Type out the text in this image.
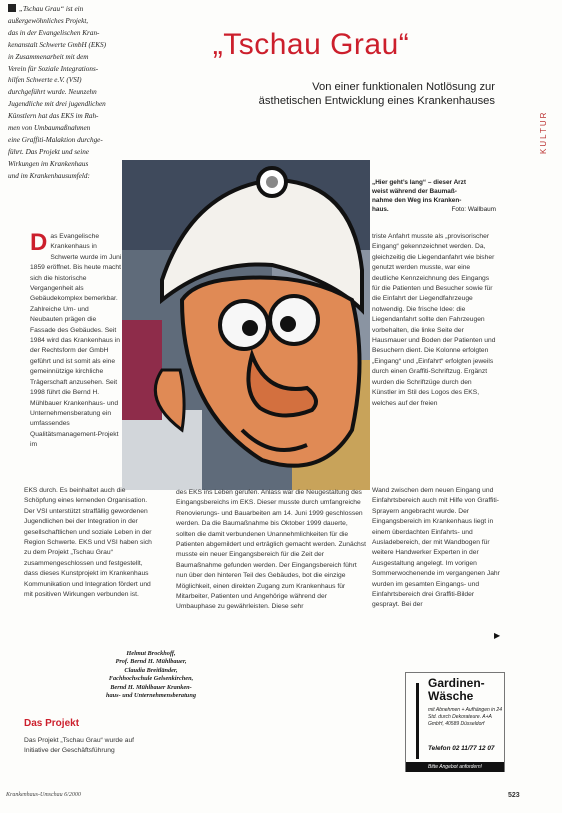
„Tschau Grau“ ist ein
außergewöhnliches Projekt,
das in der Evangelischen Kran-
kenanstalt Schwerte GmbH (EKS)
in Zusammenarbeit mit dem
Verein für Soziale Integrations-
hilfen Schwerte e.V. (VSI)
durchgeführt wurde. Neunzehn
Jugendliche mit drei jugendlichen
Künstlern hat das EKS im Rah-
men von Umbaumaßnahmen
eine Graffiti-Malaktion durchge-
führt. Das Projekt und seine
Wirkungen im Krankenhaus
und im Krankenhausumfeld:
„Tschau Grau“
Von einer funktionalen Notlösung zur
ästhetischen Entwicklung eines Krankenhauses
KULTUR
„Hier geht’s lang“ – dieser Arzt
weist während der Baumaß-
nahme den Weg ins Kranken-
haus.	Foto: Wallbaum
Das Evangelische Krankenhaus in Schwerte wurde im Juni 1859 eröffnet. Bis heute macht sich die historische Vergangenheit als Gebäudekomplex bemerkbar. Zahlreiche Um- und Neubauten prägen die Fassade des Gebäudes. Seit 1984 wird das Krankenhaus in der Rechtsform der GmbH geführt und ist somit als eine gemeinnützige kirchliche Trägerschaft anzusehen. Seit 1998 führt die Bernd H. Mühlbauer Krankenhaus- und Unternehmensberatung ein umfassendes Qualitätsmanagement-Projekt im
EKS durch. Es beinhaltet auch die Schöpfung eines lernenden Organisation. Der VSI unterstützt straffällig gewordenen Jugendlichen bei der Integration in der gesellschaftlichen und soziale Leben in der Region Schwerte. EKS und VSI haben sich zu dem Projekt „Tschau Grau“ zusammengeschlossen und festgestellt, dass dieses Kunstprojekt im Krankenhaus Kommunikation und Integration fördert und mit positiven Wirkungen verbunden ist.
Das Projekt
Das Projekt „Tschau Grau“ wurde auf Initiative der Geschäftsführung
des EKS ins Leben gerufen. Anlass war die Neugestaltung des Eingangsbereichs im EKS. Dieser musste durch umfangreiche Renovierungs- und Bauarbeiten am 14. Juni 1999 geschlossen werden. Da die Baumaßnahme bis Oktober 1999 dauerte, sollten die damit verbundenen Unannehmlichkeiten für die Patienten abgemildert und erträglich gemacht werden. Zunächst musste ein neuer Eingangsbereich für die Zeit der Baumaßnahme gefunden werden. Der Eingangsbereich führt nun über den hinteren Teil des Gebäudes, bot die einzige Möglichkeit, einen direkten Zugang zum Krankenhaus für Mitarbeiter, Patienten und Angehörige während der Umbauphase zu gewährleisten. Diese sehr
Helmut Brockhoff,
Prof. Bernd H. Mühlbauer,
Claudia Breitländer,
Fachhochschule Gelsenkirchen,
Bernd H. Mühlbauer Kranken-
haus- und Unternehmensberatung
triste Anfahrt musste als „provisorischer Eingang“ gekennzeichnet werden. Da, gleichzeitig die Liegendanfahrt wie bisher genutzt werden musste, war eine deutliche Kennzeichnung des Eingangs für die Patienten und Besucher sowie für die Einfahrt der Liegendfahrzeuge notwendig. Die frische Idee: die Liegendanfahrt sollte den Fahrzeugen vorbehalten, die linke Seite der Hausmauer und Boden der Patienten und Besuchern dient. Die Kolonne erfolgten „Eingang“ und „Einfahrt“ erfolgten jeweils durch einen Graffiti-Schriftzug. Ergänzt wurden die Schriftzüge durch den Künstler im Stil des Logos des EKS, welches auf der freien
Wand zwischen dem neuen Eingang und Einfahrtsbereich auch mit Hilfe von Graffiti-Sprayern angebracht wurde. Der Eingangsbereich im Krankenhaus liegt in einem überdachten Einfahrts- und Ausladebereich, der mit Wandbogen für weitere Handwerker Experten in der Ausgestaltung angelegt. Im vorigen Sommerwochenende im vergangenen Jahr wurden im gesamten Eingangs- und Einfahrtsbereich drei Graffiti-Bilder gesprayt. Bei der
▶
Gardinen-
Wäsche
mit Abnehmen + Aufhängen in 24 Std. durch Dekorateure. A+A GmbH, 40589 Düsseldorf
Telefon 02 11/77 12 07
Bitte Angebot anfordern!
Krankenhaus-Umschau 6/2000	523
